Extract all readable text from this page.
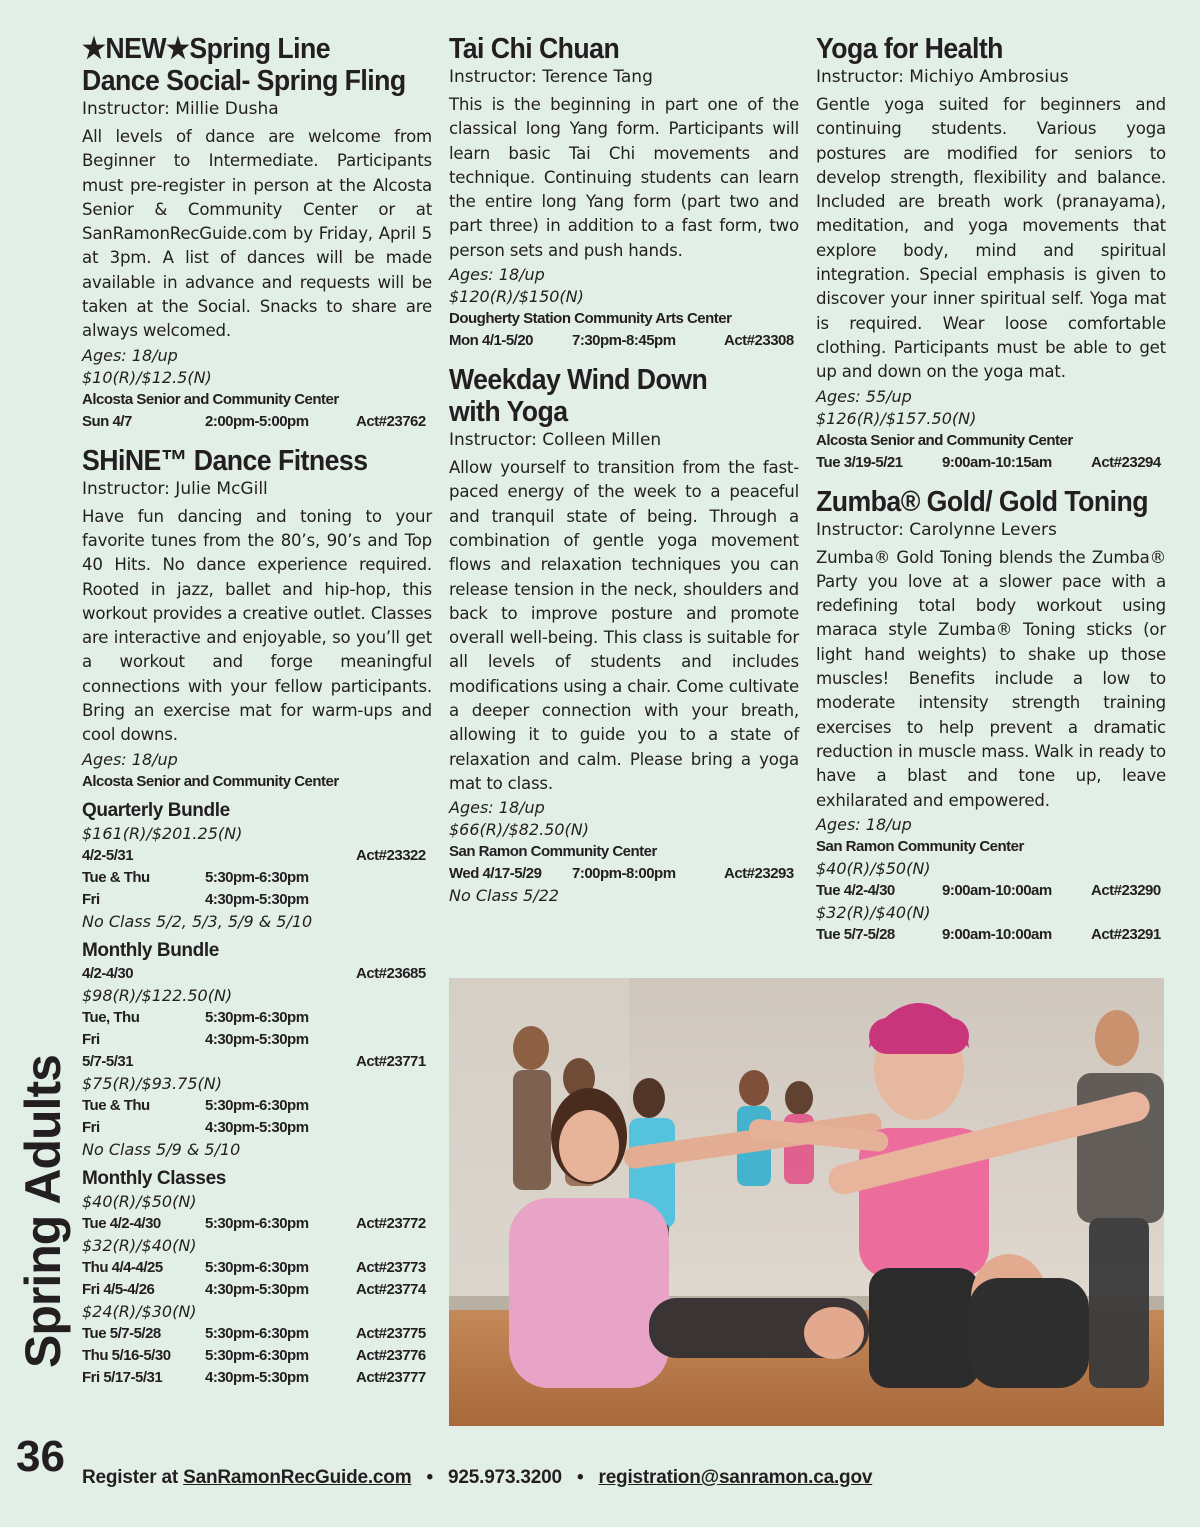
★NEW★Spring Line
Dance Social- Spring Fling

Instructor: Millie Dusha

All levels of dance are welcome from Beginner to Intermediate. Participants must pre-register in person at the Alcosta Senior & Community Center or at SanRamonRecGuide.com by Friday, April 5 at 3pm. A list of dances will be made available in advance and requests will be taken at the Social. Snacks to share are always welcomed.

Ages: 18/up
$10(R)/$12.5(N)
Alcosta Senior and Community Center
Sun 4/7	2:00pm-5:00pm	Act#23762
SHiNE™ Dance Fitness

Instructor: Julie McGill

Have fun dancing and toning to your favorite tunes from the 80’s, 90’s and Top 40 Hits. No dance experience required. Rooted in jazz, ballet and hip-hop, this workout provides a creative outlet. Classes are interactive and enjoyable, so you’ll get a workout and forge meaningful connections with your fellow participants. Bring an exercise mat for warm-ups and cool downs.

Ages: 18/up
Alcosta Senior and Community Center
Quarterly Bundle
$161(R)/$201.25(N)
4/2-5/31	Act#23322
Tue & Thu	5:30pm-6:30pm
Fri	4:30pm-5:30pm
No Class 5/2, 5/3, 5/9 & 5/10
Monthly Bundle
4/2-4/30	Act#23685
$98(R)/$122.50(N)
Tue, Thu	5:30pm-6:30pm
Fri	4:30pm-5:30pm
5/7-5/31	Act#23771
$75(R)/$93.75(N)
Tue & Thu	5:30pm-6:30pm
Fri	4:30pm-5:30pm
No Class 5/9 & 5/10
Monthly Classes
$40(R)/$50(N)
Tue 4/2-4/30	5:30pm-6:30pm	Act#23772
$32(R)/$40(N)
Thu 4/4-4/25	5:30pm-6:30pm	Act#23773
Fri 4/5-4/26	4:30pm-5:30pm	Act#23774
$24(R)/$30(N)
Tue 5/7-5/28	5:30pm-6:30pm	Act#23775
Thu 5/16-5/30 5:30pm-6:30pm	Act#23776
Fri 5/17-5/31	4:30pm-5:30pm	Act#23777
Tai Chi Chuan

Instructor: Terence Tang

This is the beginning in part one of the classical long Yang form. Participants will learn basic Tai Chi movements and technique. Continuing students can learn the entire long Yang form (part two and part three) in addition to a fast form, two person sets and push hands.

Ages: 18/up
$120(R)/$150(N)
Dougherty Station Community Arts Center
Mon 4/1-5/20	7:30pm-8:45pm	Act#23308
Weekday Wind Down
with Yoga

Instructor: Colleen Millen

Allow yourself to transition from the fast-paced energy of the week to a peaceful and tranquil state of being. Through a combination of gentle yoga movement flows and relaxation techniques you can release tension in the neck, shoulders and back to improve posture and promote overall well-being. This class is suitable for all levels of students and includes modifications using a chair. Come cultivate a deeper connection with your breath, allowing it to guide you to a state of relaxation and calm. Please bring a yoga mat to class.

Ages: 18/up
$66(R)/$82.50(N)
San Ramon Community Center
Wed 4/17-5/29 7:00pm-8:00pm	Act#23293
No Class 5/22
Yoga for Health

Instructor: Michiyo Ambrosius

Gentle yoga suited for beginners and continuing students. Various yoga postures are modified for seniors to develop strength, flexibility and balance. Included are breath work (pranayama), meditation, and yoga movements that explore body, mind and spiritual integration. Special emphasis is given to discover your inner spiritual self. Yoga mat is required. Wear loose comfortable clothing. Participants must be able to get up and down on the yoga mat.

Ages: 55/up
$126(R)/$157.50(N)
Alcosta Senior and Community Center
Tue 3/19-5/21	9:00am-10:15am	Act#23294
Zumba® Gold/ Gold Toning

Instructor: Carolynne Levers

Zumba® Gold Toning blends the Zumba® Party you love at a slower pace with a redefining total body workout using maraca style Zumba® Toning sticks (or light hand weights) to shake up those muscles! Benefits include a low to moderate intensity strength training exercises to help prevent a dramatic reduction in muscle mass. Walk in ready to have a blast and tone up, leave exhilarated and empowered.

Ages: 18/up
San Ramon Community Center
$40(R)/$50(N)
Tue 4/2-4/30	9:00am-10:00am	Act#23290
$32(R)/$40(N)
Tue 5/7-5/28	9:00am-10:00am	Act#23291
Spring Adults
36 Register at SanRamonRecGuide.com • 925.973.3200 • registration@sanramon.ca.gov
